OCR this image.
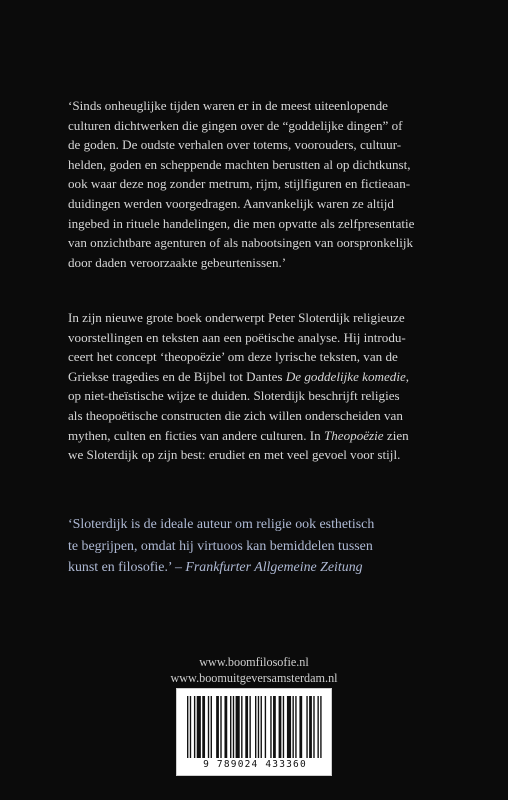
‘Sinds onheuglijke tijden waren er in de meest uiteenlopende
culturen dichtwerken die gingen over de “goddelijke dingen” of
de goden. De oudste verhalen over totems, voorouders, cultuur-
helden, goden en scheppende machten berustten al op dichtkunst,
ook waar deze nog zonder metrum, rijm, stijlfiguren en fictieaan-
duidingen werden voorgedragen. Aanvankelijk waren ze altijd
ingebed in rituele handelingen, die men opvatte als zelfpresentatie
van onzichtbare agenturen of als nabootsingen van oorspronkelijk
door daden veroorzaakte gebeurtenissen.’

In zijn nieuwe grote boek onderwerpt Peter Sloterdijk religieuze
voorstellingen en teksten aan een poëtische analyse. Hij introdu-
ceert het concept ‘theopoëzie’ om deze lyrische teksten, van de
Griekse tragedies en de Bijbel tot Dantes De goddelijke komedie,
op niet-theïstische wijze te duiden. Sloterdijk beschrijft religies
als theopoëtische constructen die zich willen onderscheiden van
mythen, culten en ficties van andere culturen. In Theopoëzie zien
we Sloterdijk op zijn best: erudiet en met veel gevoel voor stijl.

‘Sloterdijk is de ideale auteur om religie ook esthetisch
te begrijpen, omdat hij virtuoos kan bemiddelen tussen
kunst en filosofie.’ – Frankfurter Allgemeine Zeitung

www.boomfilosofie.nl
www.boomuitgeversamsterdam.nl
9 789024 433360
